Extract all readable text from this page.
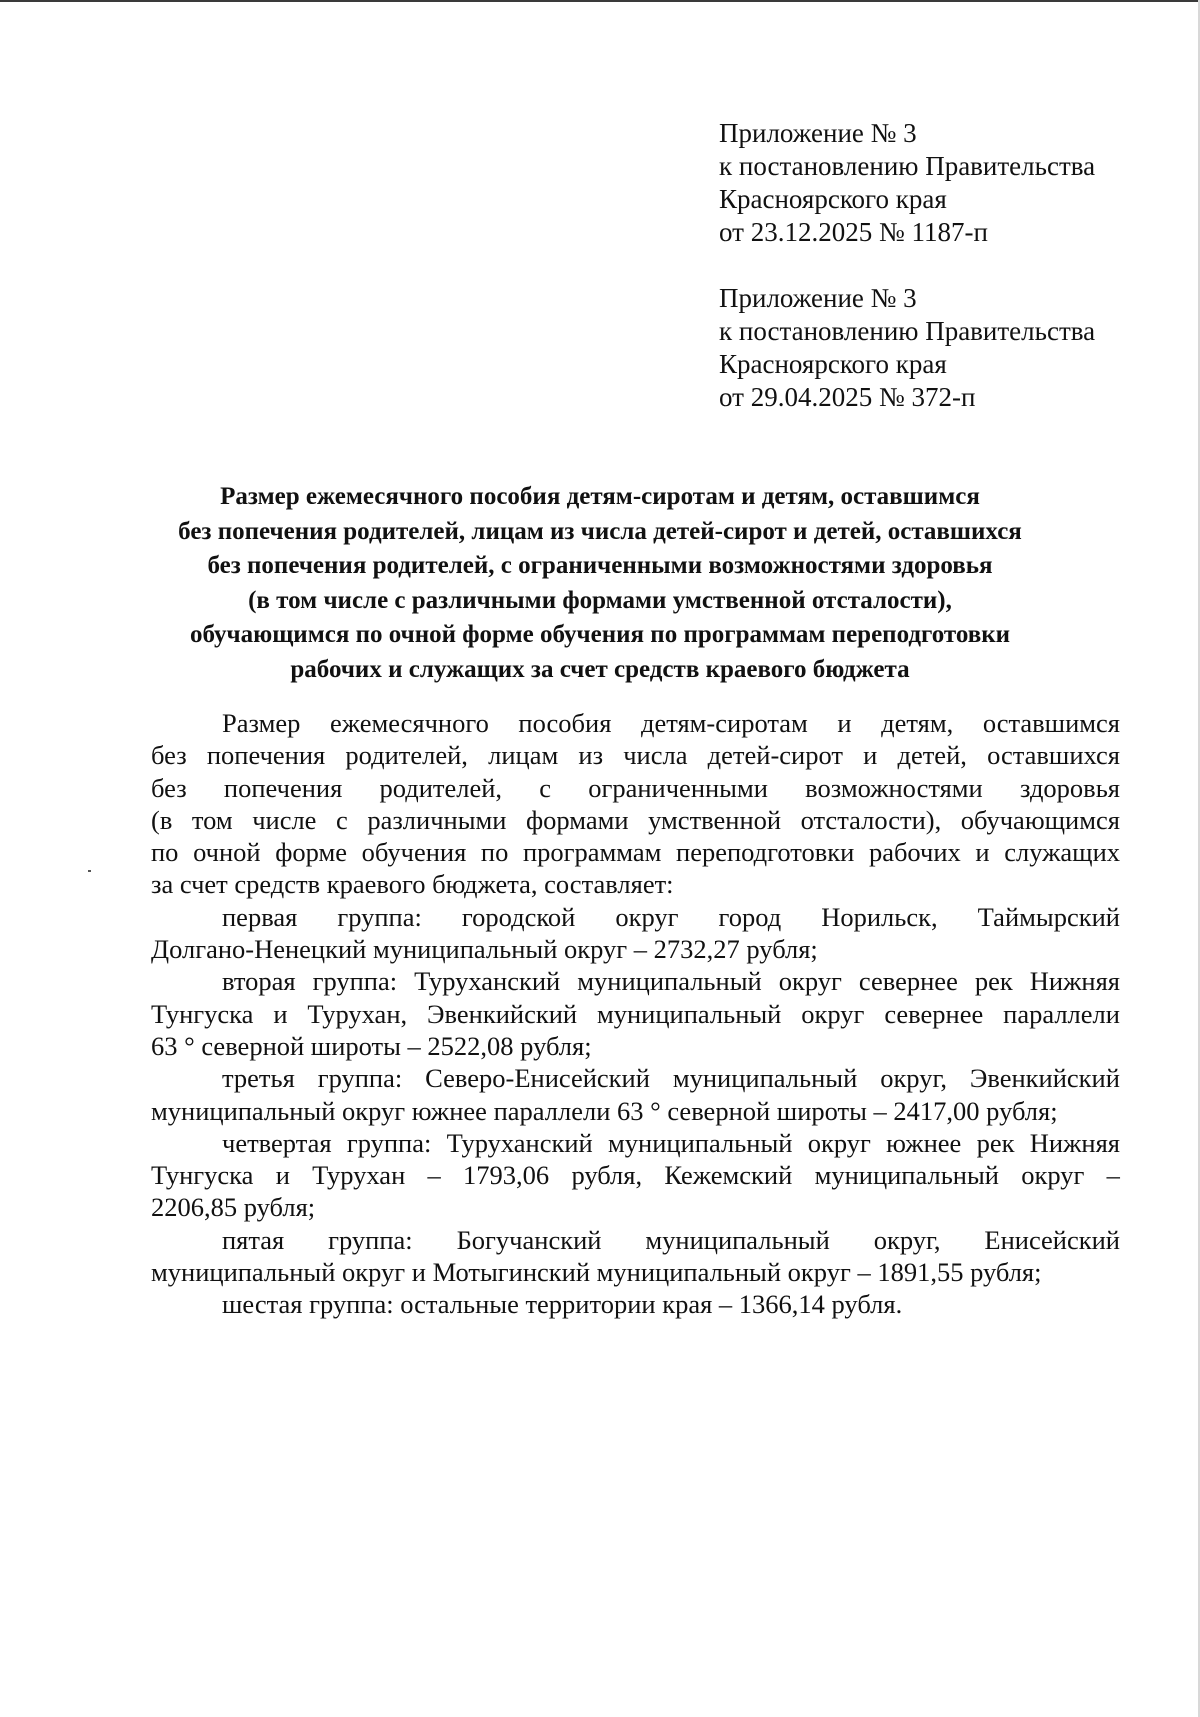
Приложение № 3
к постановлению Правительства
Красноярского края
от 23.12.2025 № 1187-п
Приложение № 3
к постановлению Правительства
Красноярского края
от 29.04.2025 № 372-п
Размер ежемесячного пособия детям-сиротам и детям, оставшимся
без попечения родителей, лицам из числа детей-сирот и детей, оставшихся
без попечения родителей, с ограниченными возможностями здоровья
(в том числе с различными формами умственной отсталости),
обучающимся по очной форме обучения по программам переподготовки
рабочих и служащих за счет средств краевого бюджета
Размер ежемесячного пособия детям-сиротам и детям, оставшимся
без попечения родителей, лицам из числа детей-сирот и детей, оставшихся
без попечения родителей, с ограниченными возможностями здоровья
(в том числе с различными формами умственной отсталости), обучающимся
по очной форме обучения по программам переподготовки рабочих и служащих
за счет средств краевого бюджета, составляет:
первая группа: городской округ город Норильск, Таймырский
Долгано-Ненецкий муниципальный округ – 2732,27 рубля;
вторая группа: Туруханский муниципальный округ севернее рек Нижняя
Тунгуска и Турухан, Эвенкийский муниципальный округ севернее параллели
63 ° северной широты – 2522,08 рубля;
третья группа: Северо-Енисейский муниципальный округ, Эвенкийский
муниципальный округ южнее параллели 63 ° северной широты – 2417,00 рубля;
четвертая группа: Туруханский муниципальный округ южнее рек Нижняя
Тунгуска и Турухан – 1793,06 рубля, Кежемский муниципальный округ –
2206,85 рубля;
пятая группа: Богучанский муниципальный округ, Енисейский
муниципальный округ и Мотыгинский муниципальный округ – 1891,55 рубля;
шестая группа: остальные территории края – 1366,14 рубля.
